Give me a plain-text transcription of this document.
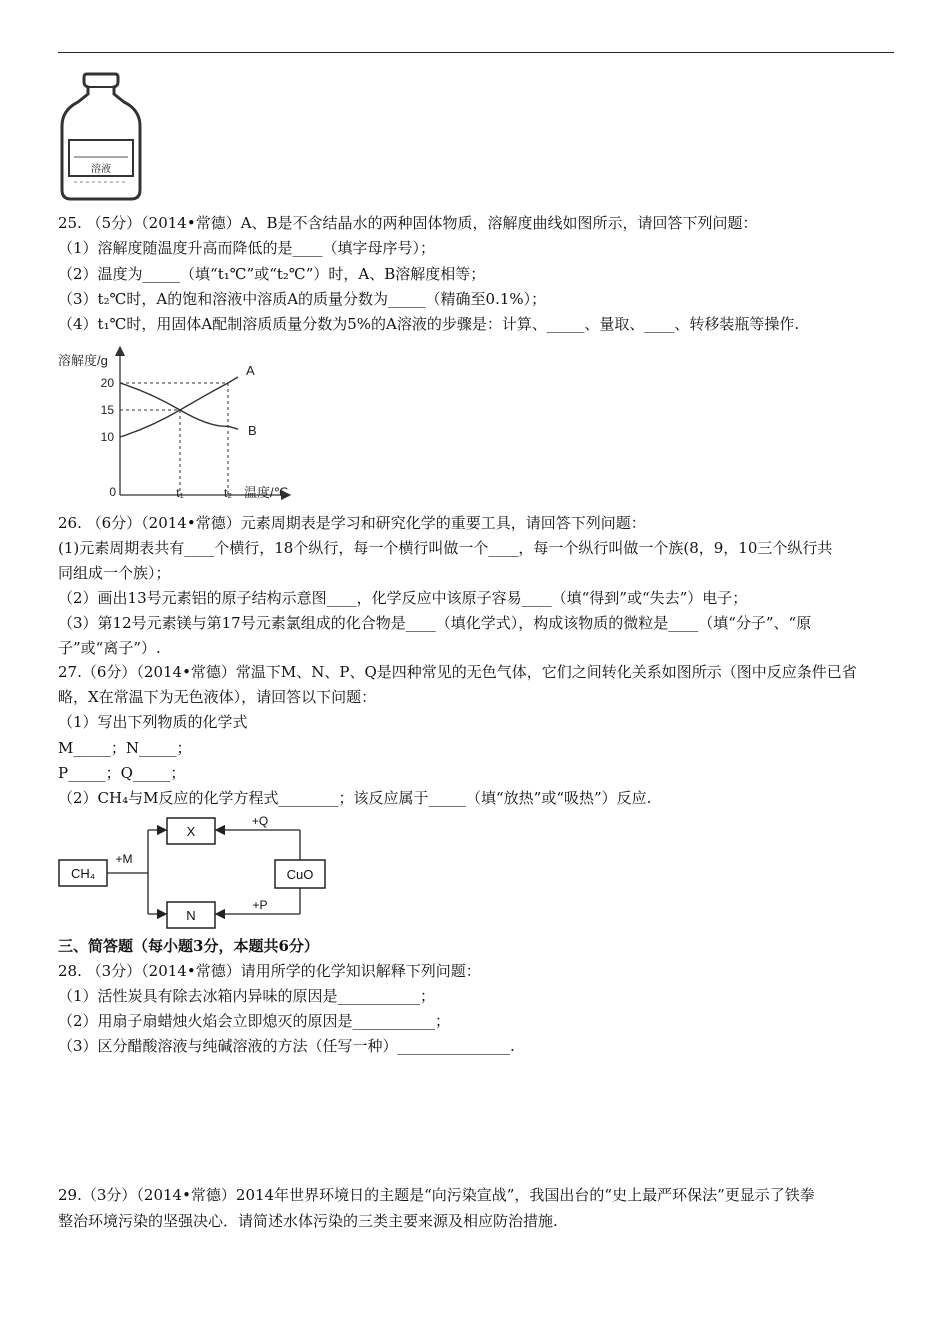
溶液
25. （5分）（2014•常德）A、B是不含结晶水的两种固体物质，溶解度曲线如图所示，请回答下列问题：
（1）溶解度随温度升高而降低的是____（填字母序号）；
（2）温度为_____（填“t₁℃”或“t₂℃”）时，A、B溶解度相等；
（3）t₂℃时，A的饱和溶液中溶质A的质量分数为_____（精确至0.1%）；
（4）t₁℃时，用固体A配制溶质质量分数为5%的A溶液的步骤是：计算、_____、量取、____、转移装瓶等操作.
溶解度/g
温度/℃
0
20
15
10
t₁	t₂
A
B
26. （6分）（2014•常德）元素周期表是学习和研究化学的重要工具，请回答下列问题：
(1)元素周期表共有____个横行，18个纵行，每一个横行叫做一个____，每一个纵行叫做一个族(8，9，10三个纵行共
同组成一个族）；
（2）画出13号元素铝的原子结构示意图____，化学反应中该原子容易____（填“得到”或“失去”）电子；
（3）第12号元素镁与第17号元素氯组成的化合物是____（填化学式），构成该物质的微粒是____（填“分子”、“原
子”或“离子”）.
27.（6分）（2014•常德）常温下M、N、P、Q是四种常见的无色气体，它们之间转化关系如图所示（图中反应条件已省
略，X在常温下为无色液体），请回答以下问题：
（1）写出下列物质的化学式
M_____；N_____；
P_____；Q_____；
（2）CH₄与M反应的化学方程式________；该反应属于_____（填“放热”或“吸热”）反应.
CH₄
+M
X
N
CuO
+Q
+P
三、简答题（每小题3分，本题共6分）
28. （3分）（2014•常德）请用所学的化学知识解释下列问题：
（1）活性炭具有除去冰箱内异味的原因是___________；
（2）用扇子扇蜡烛火焰会立即熄灭的原因是___________；
（3）区分醋酸溶液与纯碱溶液的方法（任写一种）_______________.
29.（3分）（2014•常德）2014年世界环境日的主题是“向污染宣战”，我国出台的“史上最严环保法”更显示了铁拳
整治环境污染的坚强决心．请简述水体污染的三类主要来源及相应防治措施.
